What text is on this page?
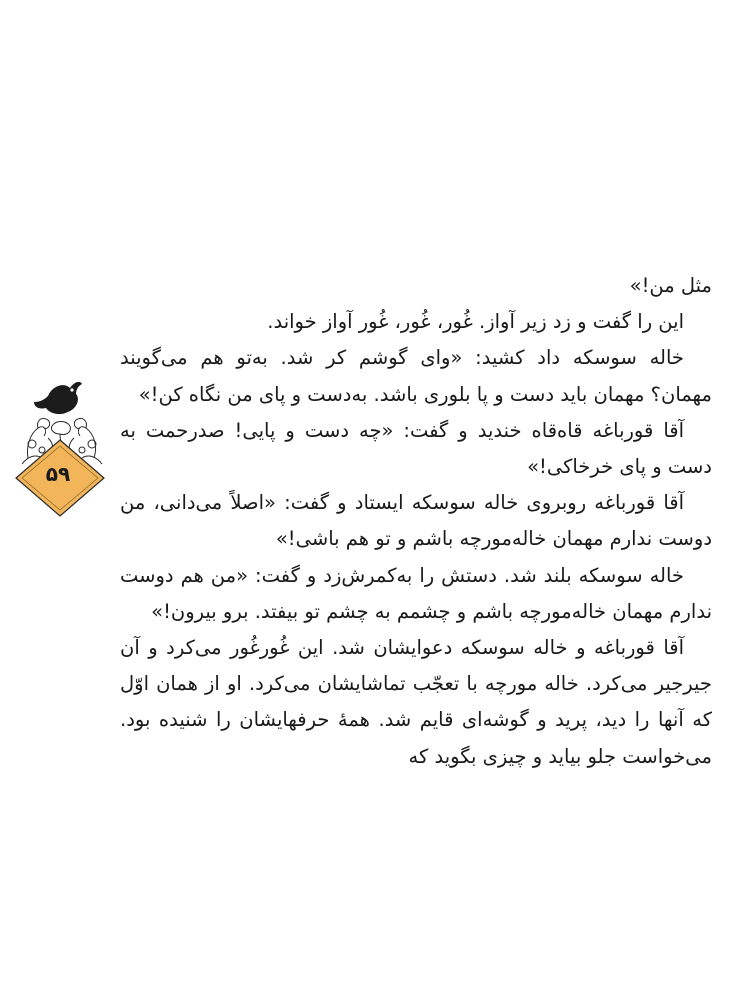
۵۹

مثل من!»

این را گفت و زد زیر آواز. غُور، غُور، غُور آواز خواند.

خاله سوسکه داد کشید: «وای گوشم کر شد. به‌تو هم می‌گویند مهمان؟ مهمان باید دست و پا بلوری باشد. به‌دست و پای من نگاه کن!»

آقا قورباغه قاه‌قاه خندید و گفت: «چه دست و پایی! صدرحمت به دست و پای خرخاکی!»

آقا قورباغه روبروی خاله سوسکه ایستاد و گفت: «اصلاً می‌دانی، من دوست ندارم مهمان خاله‌مورچه باشم و تو هم باشی!»

خاله سوسکه بلند شد. دستش را به‌کمرش‌زد و گفت: «من هم دوست ندارم مهمان خاله‌مورچه باشم و چشمم به چشم تو بیفتد. برو بیرون!»

آقا قورباغه و خاله سوسکه دعوایشان شد. این غُورغُور می‌کرد و آن جیرجیر می‌کرد. خاله مورچه با تعجّب تماشایشان می‌کرد. او از همان اوّل که آنها را دید، پرید و گوشه‌ای قایم شد. همهٔ حرفهایشان را شنیده بود. می‌خواست جلو بیاید و چیزی بگوید که
